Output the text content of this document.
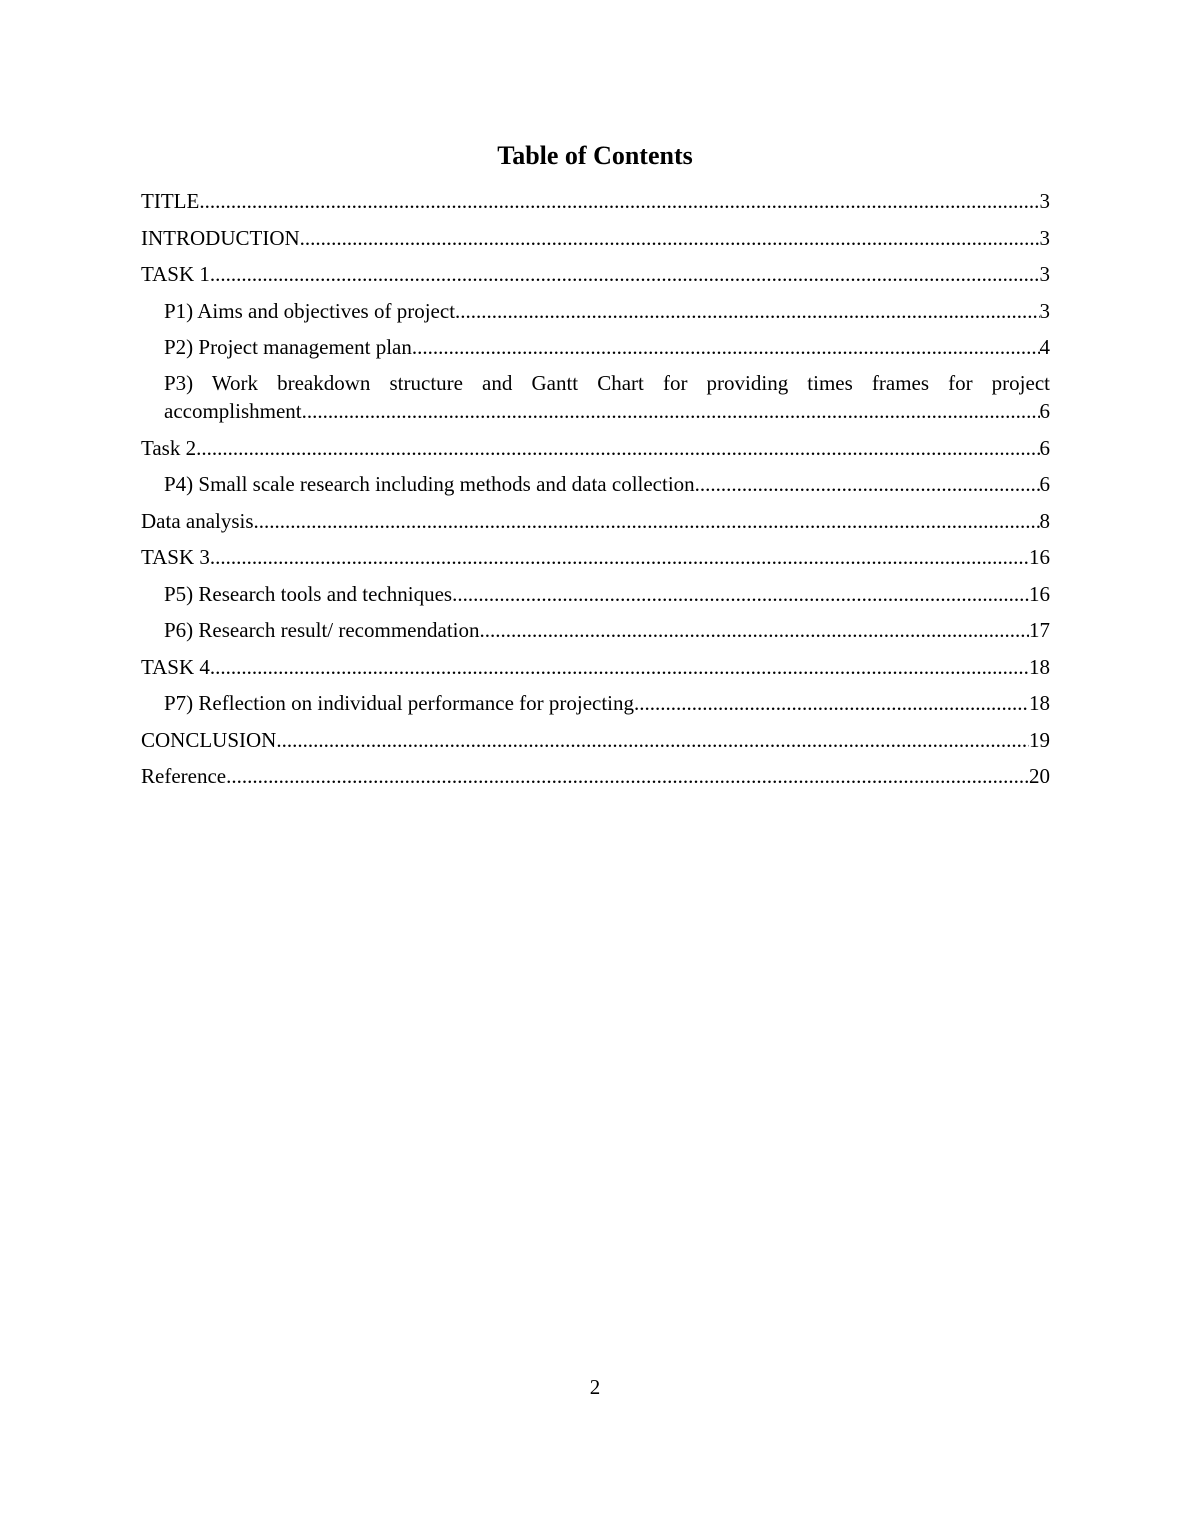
Table of Contents
TITLE .....	3
INTRODUCTION .....	3
TASK 1 .....	3
P1) Aims and objectives of project .....	3
P2) Project management plan .....	4
P3) Work breakdown structure and Gantt Chart for providing times frames for project
accomplishment .....	6
Task 2 .....	6
P4) Small scale research including methods and data collection .....	6
Data analysis .....	8
TASK 3 .....	16
P5) Research tools and techniques .....	16
P6) Research result/ recommendation .....	17
TASK 4 .....	18
P7) Reflection on individual performance for projecting .....	18
CONCLUSION .....	19
Reference .....	20
2
